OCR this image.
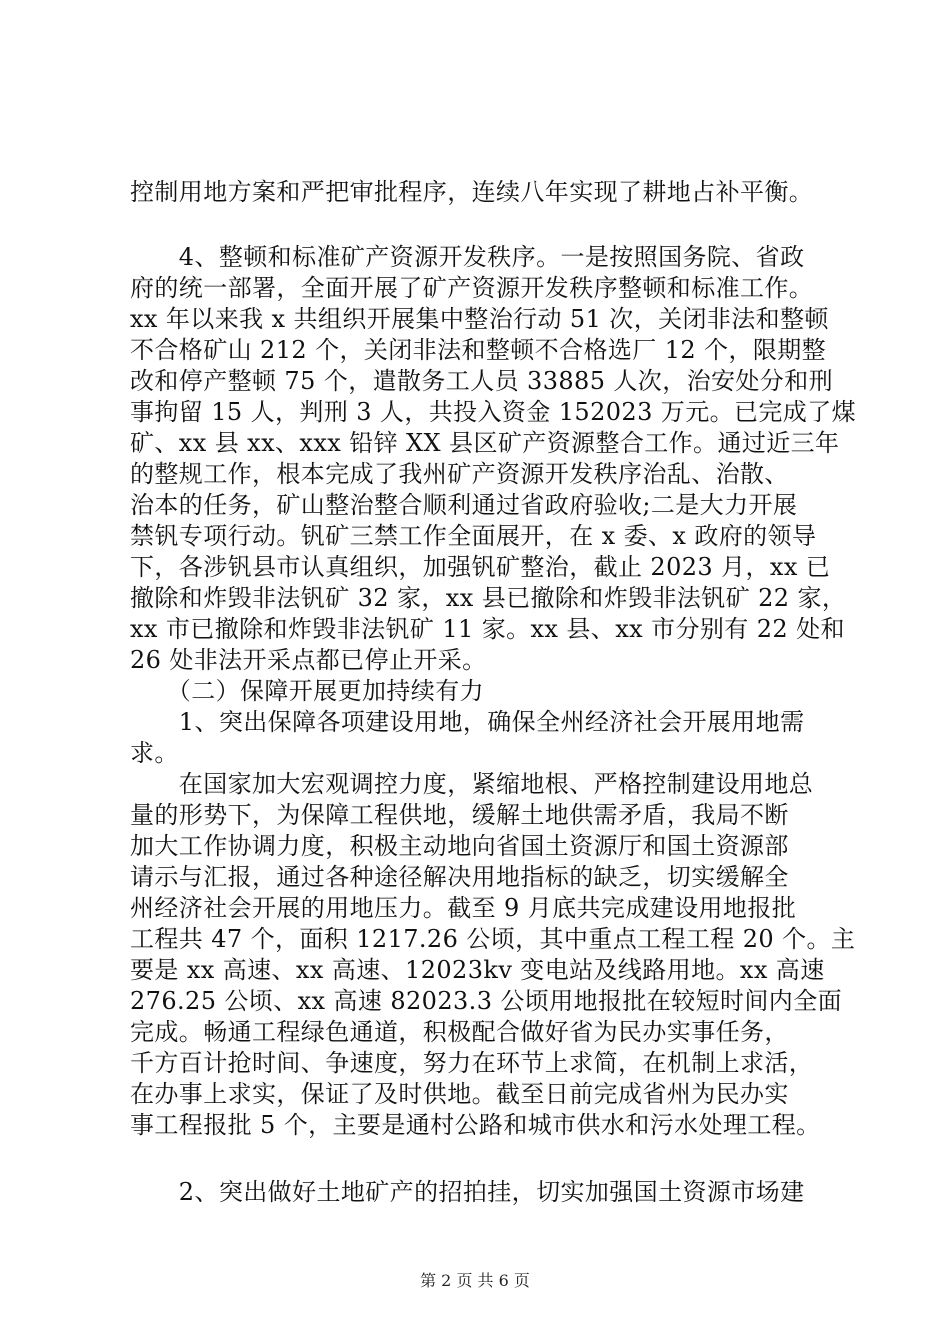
控制用地方案和严把审批程序，连续八年实现了耕地占补平衡。
　　4、整顿和标准矿产资源开发秩序。一是按照国务院、省政
府的统一部署，全面开展了矿产资源开发秩序整顿和标准工作。
xx 年以来我 x 共组织开展集中整治行动 51 次，关闭非法和整顿
不合格矿山 212 个，关闭非法和整顿不合格选厂 12 个，限期整
改和停产整顿 75 个，遣散务工人员 33885 人次，治安处分和刑
事拘留 15 人，判刑 3 人，共投入资金 152023 万元。已完成了煤
矿、xx 县 xx、xxx 铅锌 XX 县区矿产资源整合工作。通过近三年
的整规工作，根本完成了我州矿产资源开发秩序治乱、治散、
治本的任务，矿山整治整合顺利通过省政府验收;二是大力开展
禁钒专项行动。钒矿三禁工作全面展开，在 x 委、x 政府的领导
下，各涉钒县市认真组织，加强钒矿整治，截止 2023 月，xx 已
撤除和炸毁非法钒矿 32 家，xx 县已撤除和炸毁非法钒矿 22 家，
xx 市已撤除和炸毁非法钒矿 11 家。xx 县、xx 市分别有 22 处和
26 处非法开采点都已停止开采。
　　（二）保障开展更加持续有力
　　1、突出保障各项建设用地，确保全州经济社会开展用地需
求。
　　在国家加大宏观调控力度，紧缩地根、严格控制建设用地总
量的形势下，为保障工程供地，缓解土地供需矛盾，我局不断
加大工作协调力度，积极主动地向省国土资源厅和国土资源部
请示与汇报，通过各种途径解决用地指标的缺乏，切实缓解全
州经济社会开展的用地压力。截至 9 月底共完成建设用地报批
工程共 47 个，面积 1217.26 公顷，其中重点工程工程 20 个。主
要是 xx 高速、xx 高速、12023kv 变电站及线路用地。xx 高速
276.25 公顷、xx 高速 82023.3 公顷用地报批在较短时间内全面
完成。畅通工程绿色通道，积极配合做好省为民办实事任务，
千方百计抢时间、争速度，努力在环节上求简，在机制上求活，
在办事上求实，保证了及时供地。截至日前完成省州为民办实
事工程报批 5 个，主要是通村公路和城市供水和污水处理工程。
　　2、突出做好土地矿产的招拍挂，切实加强国土资源市场建
第 2 页 共 6 页
